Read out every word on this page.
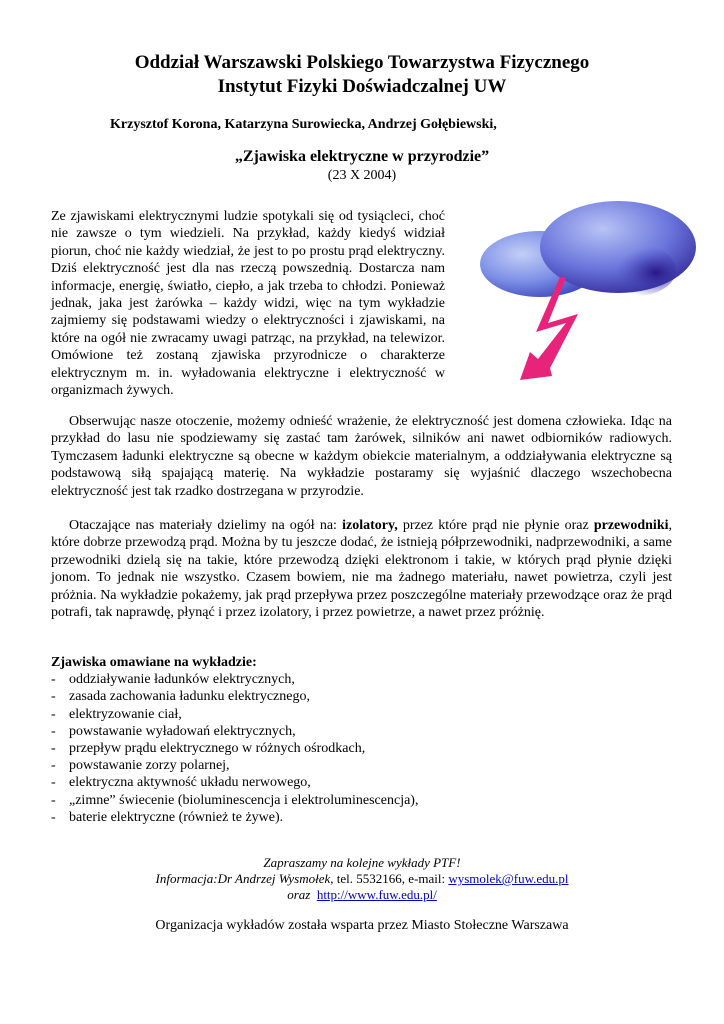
Oddział Warszawski Polskiego Towarzystwa Fizycznego
Instytut Fizyki Doświadczalnej UW
Krzysztof Korona, Katarzyna Surowiecka, Andrzej Gołębiewski,
„Zjawiska elektryczne w przyrodzie”
(23 X 2004)

Ze zjawiskami elektrycznymi ludzie spotykali się od tysiącleci, choć nie zawsze o tym wiedzieli. Na przykład, każdy kiedyś widział piorun, choć nie każdy wiedział, że jest to po prostu prąd elektryczny. Dziś elektryczność jest dla nas rzeczą powszednią. Dostarcza nam informacje, energię, światło, ciepło, a jak trzeba to chłodzi. Ponieważ jednak, jaka jest żarówka – każdy widzi, więc na tym wykładzie zajmiemy się podstawami wiedzy o elektryczności i zjawiskami, na które na ogół nie zwracamy uwagi patrząc, na przykład, na telewizor. Omówione też zostaną zjawiska przyrodnicze o charakterze elektrycznym m. in. wyładowania elektryczne i elektryczność w organizmach żywych.

Obserwując nasze otoczenie, możemy odnieść wrażenie, że elektryczność jest domena człowieka. Idąc na przykład do lasu nie spodziewamy się zastać tam żarówek, silników ani nawet odbiorników radiowych. Tymczasem ładunki elektryczne są obecne w każdym obiekcie materialnym, a oddziaływania elektryczne są podstawową siłą spajającą materię. Na wykładzie postaramy się wyjaśnić dlaczego wszechobecna elektryczność jest tak rzadko dostrzegana w przyrodzie.

Otaczające nas materiały dzielimy na ogół na: izolatory, przez które prąd nie płynie oraz przewodniki, które dobrze przewodzą prąd. Można by tu jeszcze dodać, że istnieją półprzewodniki, nadprzewodniki, a same przewodniki dzielą się na takie, które przewodzą dzięki elektronom i takie, w których prąd płynie dzięki jonom. To jednak nie wszystko. Czasem bowiem, nie ma żadnego materiału, nawet powietrza, czyli jest próżnia. Na wykładzie pokażemy, jak prąd przepływa przez poszczególne materiały przewodzące oraz że prąd potrafi, tak naprawdę, płynąć i przez izolatory, i przez powietrze, a nawet przez próżnię.

Zjawiska omawiane na wykładzie:
- oddziaływanie ładunków elektrycznych,
- zasada zachowania ładunku elektrycznego,
- elektryzowanie ciał,
- powstawanie wyładowań elektrycznych,
- przepływ prądu elektrycznego w różnych ośrodkach,
- powstawanie zorzy polarnej,
- elektryczna aktywność układu nerwowego,
- „zimne” świecenie (bioluminescencja i elektroluminescencja),
- baterie elektryczne (również te żywe).
Zapraszamy na kolejne wykłady PTF!
Informacja:Dr Andrzej Wysmołek, tel. 5532166, e-mail: wysmolek@fuw.edu.pl
oraz http://www.fuw.edu.pl/
Organizacja wykładów została wsparta przez Miasto Stołeczne Warszawa
